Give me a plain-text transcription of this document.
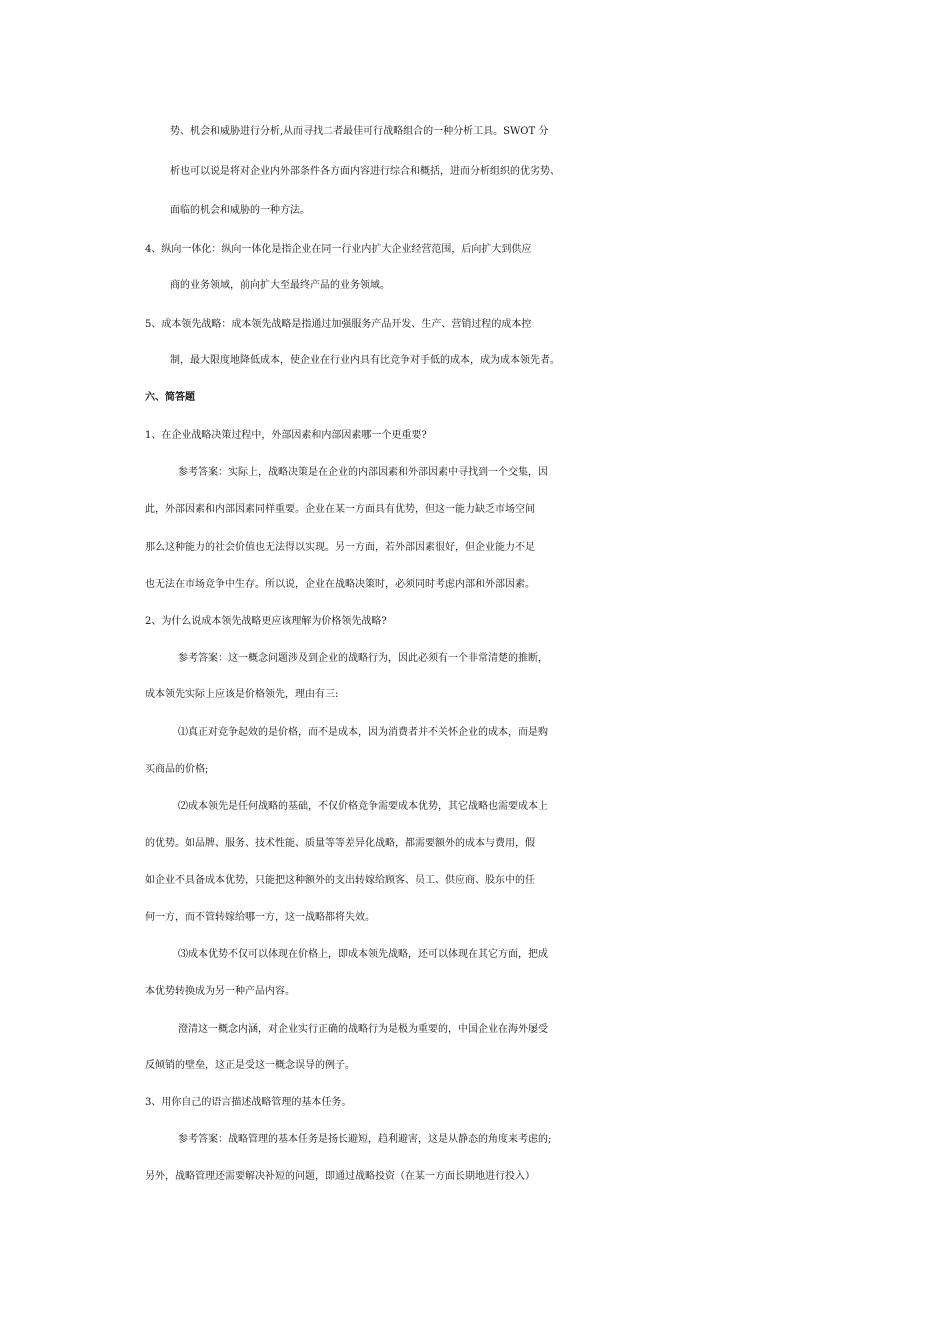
势、机会和威胁进行分析,从而寻找二者最佳可行战略组合的一种分析工具。SWOT 分
析也可以说是将对企业内外部条件各方面内容进行综合和概括，进而分析组织的优劣势、
面临的机会和威胁的一种方法。
4、纵向一体化：纵向一体化是指企业在同一行业内扩大企业经营范围，后向扩大到供应
商的业务领域，前向扩大至最终产品的业务领域。
5、成本领先战略：成本领先战略是指通过加强服务产品开发、生产、营销过程的成本控
制，最大限度地降低成本，使企业在行业内具有比竞争对手低的成本，成为成本领先者。
六、简答题
1、在企业战略决策过程中，外部因素和内部因素哪一个更重要?
参考答案：实际上，战略决策是在企业的内部因素和外部因素中寻找到一个交集，因
此，外部因素和内部因素同样重要。企业在某一方面具有优势，但这一能力缺乏市场空间
那么这种能力的社会价值也无法得以实现。另一方面，若外部因素很好，但企业能力不足
也无法在市场竞争中生存。所以说，企业在战略决策时，必须同时考虑内部和外部因素。
2、为什么说成本领先战略更应该理解为价格领先战略?
参考答案：这一概念问题涉及到企业的战略行为，因此必须有一个非常清楚的推断，
成本领先实际上应该是价格领先，理由有三:
⑴真正对竞争起效的是价格，而不是成本，因为消费者并不关怀企业的成本，而是购
买商品的价格;
⑵成本领先是任何战略的基础，不仅价格竞争需要成本优势，其它战略也需要成本上
的优势。如品牌、服务、技术性能、质量等等差异化战略，都需要额外的成本与费用，假
如企业不具备成本优势，只能把这种额外的支出转嫁给顾客、员工、供应商、股东中的任
何一方，而不管转嫁给哪一方，这一战略都将失效。
⑶成本优势不仅可以体现在价格上，即成本领先战略，还可以体现在其它方面，把成
本优势转换成为另一种产品内容。
澄清这一概念内涵，对企业实行正确的战略行为是极为重要的，中国企业在海外屡受
反倾销的壁垒，这正是受这一概念误导的例子。
3、用你自己的语言描述战略管理的基本任务。
参考答案：战略管理的基本任务是扬长避短，趋利避害，这是从静态的角度来考虑的;
另外，战略管理还需要解决补短的问题，即通过战略投资（在某一方面长期地进行投入）
